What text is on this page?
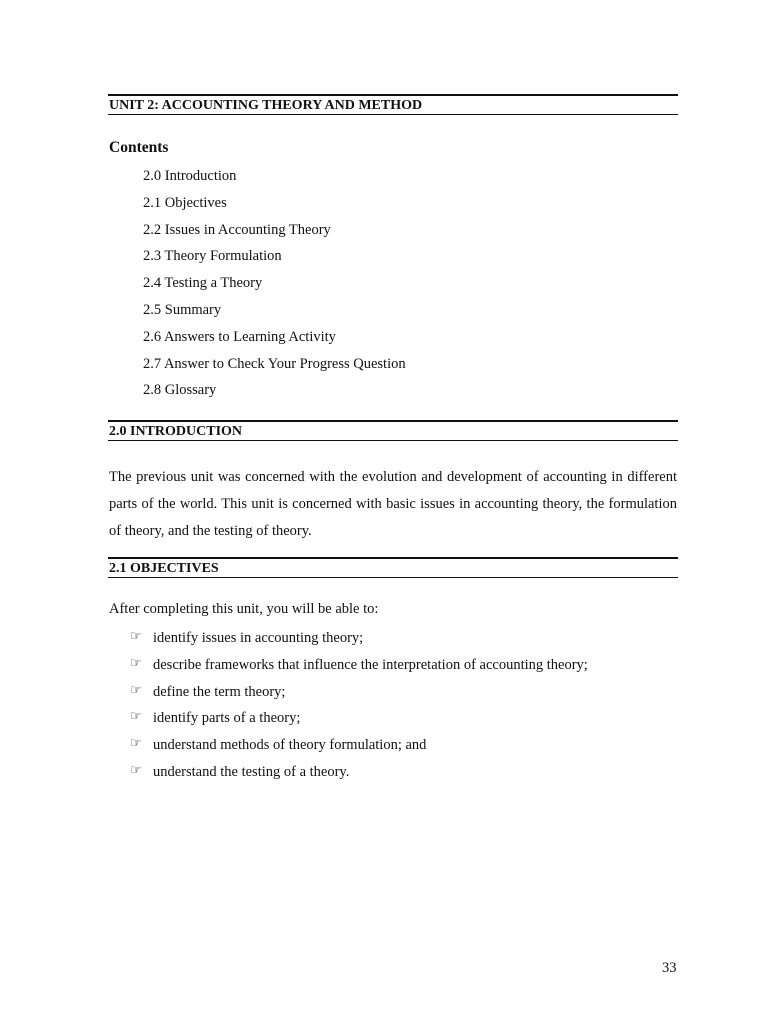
UNIT 2: ACCOUNTING THEORY AND METHOD
Contents
2.0 Introduction
2.1 Objectives
2.2 Issues in Accounting Theory
2.3 Theory Formulation
2.4 Testing a Theory
2.5 Summary
2.6 Answers to Learning Activity
2.7 Answer to Check Your Progress Question
2.8 Glossary
2.0 INTRODUCTION

The previous unit was concerned with the evolution and development of accounting in different parts of the world. This unit is concerned with basic issues in accounting theory, the formulation of theory, and the testing of theory.

2.1 OBJECTIVES

After completing this unit, you will be able to:

☞ identify issues in accounting theory;
☞ describe frameworks that influence the interpretation of accounting theory;
☞ define the term theory;
☞ identify parts of a theory;
☞ understand methods of theory formulation; and
☞ understand the testing of a theory.
33
